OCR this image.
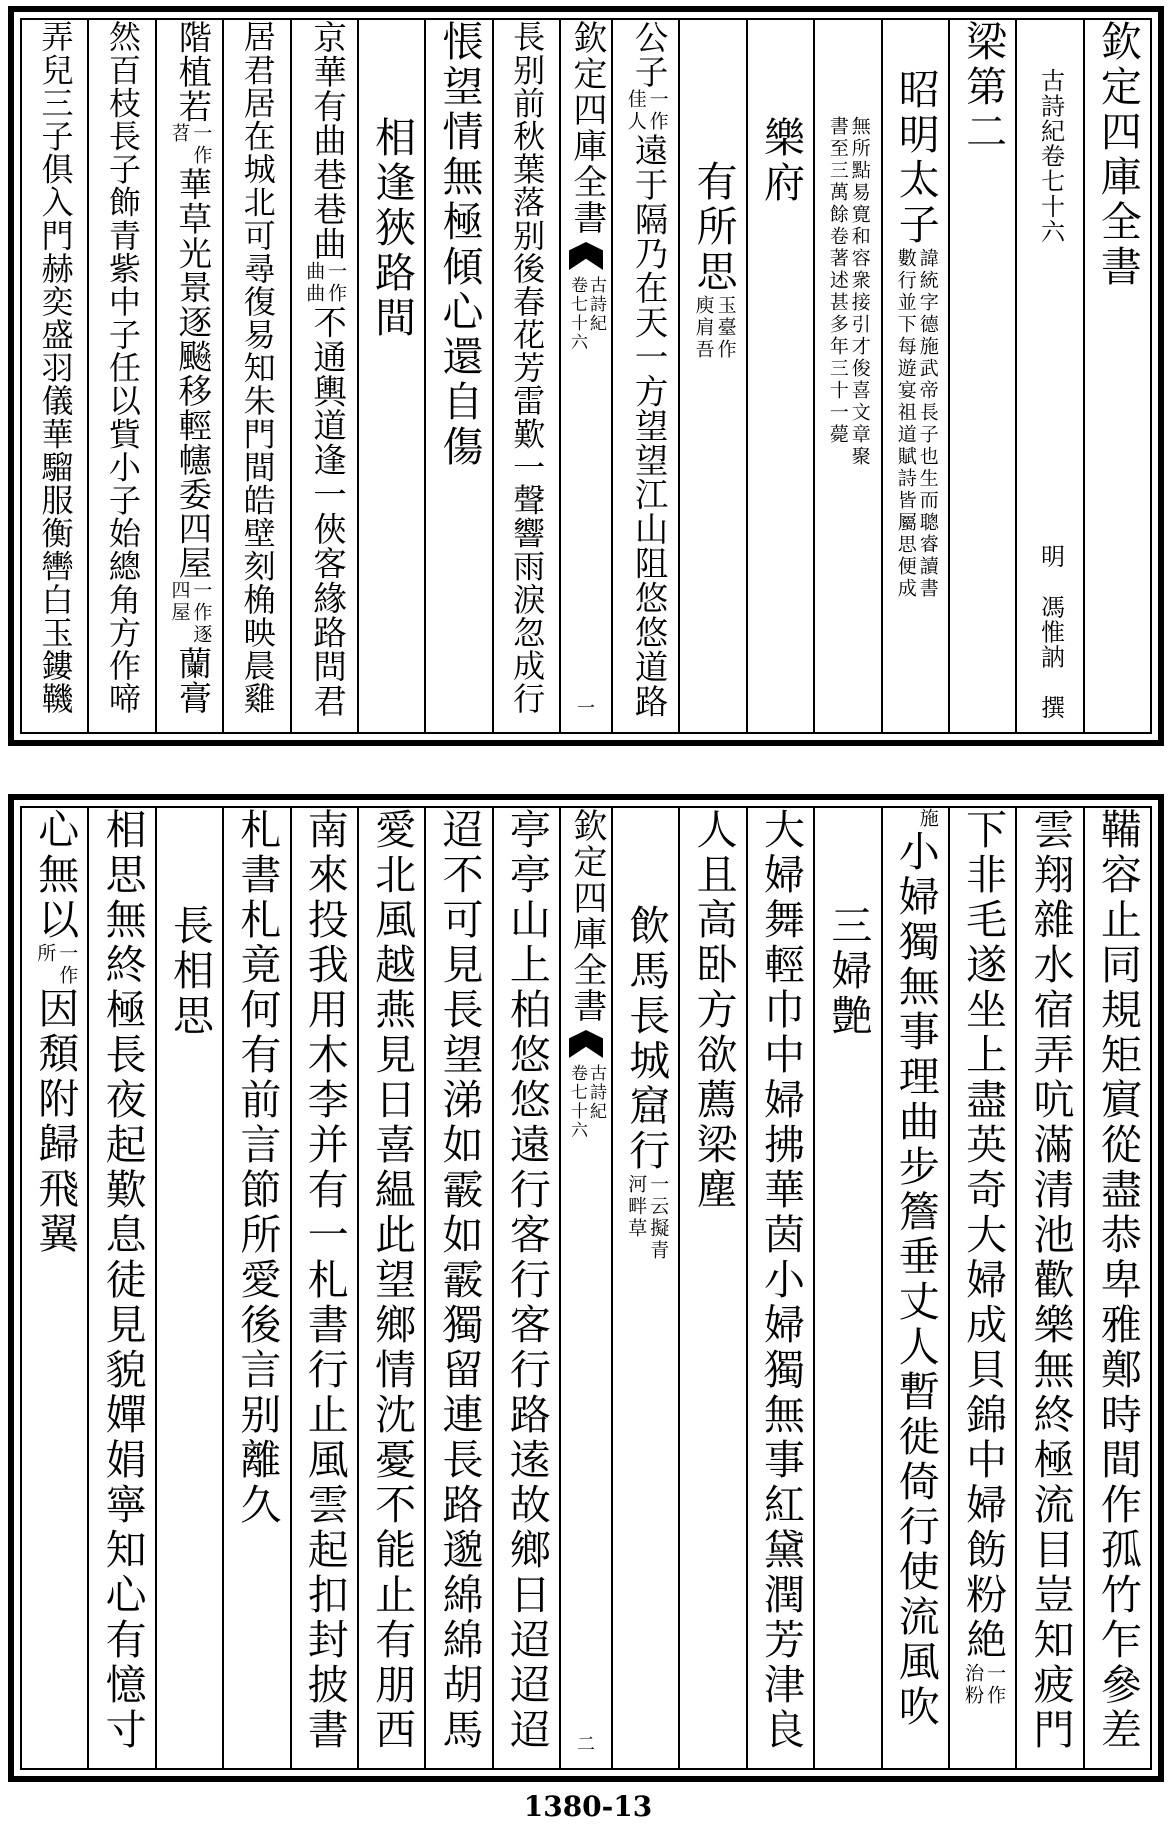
欽定四庫全書
古詩紀卷七十六
明　馮惟訥　撰
梁第二
昭明太子
諱統字德施武帝長子也生而聰睿讀書
數行並下每遊宴祖道賦詩皆屬思便成
無所點易寛和容衆接引才俊喜文章聚
書至三萬餘卷著述甚多年三十一薨
樂府
有所思
玉臺作
庾肩吾
公子
一作
佳人
遠于隔乃在天一方望望江山阻悠悠道路
欽定四庫全書
古詩紀
卷七十六
一
長别前秋葉落别後春花芳雷歎一聲響雨淚忽成行
悵望情無極傾心還自傷
相逢狹路間
京華有曲巷巷曲
一作
曲曲
不通輿道逢一俠客緣路問君
居君居在城北可尋復易知朱門間皓壁刻桷映晨雞
階植若
一作
苕
華草光景逐飈移輕幰委四屋
一作逐
四屋
蘭膏
然百枝長子飾青紫中子任以貲小子始總角方作啼
弄兒三子俱入門赫奕盛羽儀華騮服衡轡白玉鏤鞿
鞴容止同規矩賔從盡恭卑雅鄭時間作孤竹乍參差
雲翔雜水宿弄吭滿清池歡樂無終極流目豈知疲門
下非毛遂坐上盡英奇大婦成貝錦中婦飭粉絶
一作
治粉
施
小婦獨無事理曲步簷垂丈人暫徙倚行使流風吹
三婦艶
大婦舞輕巾中婦拂華茵小婦獨無事紅黛潤芳津良
人且高卧方欲薦梁塵
飲馬長城窟行
一云擬青
河畔草
欽定四庫全書
古詩紀
卷七十六
二
亭亭山上柏悠悠遠行客行客行路逺故鄉日迢迢迢
迢不可見長望涕如霰如霰獨留連長路邈綿綿胡馬
愛北風越燕見日喜緼此望鄉情沈憂不能止有朋西
南來投我用木李并有一札書行止風雲起扣封披書
札書札竟何有前言節所愛後言别離久
長相思
相思無終極長夜起歎息徒見貌嬋娟寧知心有憶寸
心無以
一作
所
因頽附歸飛翼
1380-13
